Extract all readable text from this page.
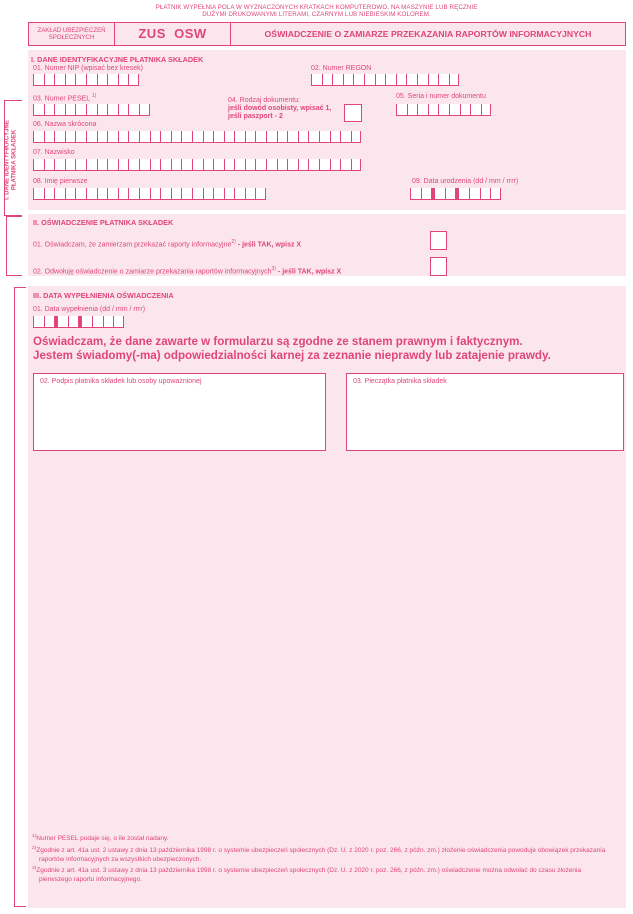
PŁATNIK WYPEŁNIA POLA W WYZNACZONYCH KRATKACH KOMPUTEROWO, NA MASZYNIE LUB RĘCZNIE
DUŻYMI DRUKOWANYMI LITERAMI, CZARNYM LUB NIEBIESKIM KOLOREM.
ZAKŁAD UBEZPIECZEŃ
SPOŁECZNYCH	ZUS  OSW	OŚWIADCZENIE O ZAMIARZE PRZEKAZANIA RAPORTÓW INFORMACYJNYCH
I. DANE IDENTYFIKACYJNE PŁATNIKA SKŁADEK
I. DANE IDENTYFIKACYJNE PŁATNIKA SKŁADEK
01. Numer NIP (wpisać bez kresek)	02. Numer REGON
03. Numer PESEL $^{1)}$
04. Rodzaj dokumentu:
jeśli dowód osobisty, wpisać 1,
jeśli paszport - 2
05. Seria i numer dokumentu
06. Nazwa skrócona
07. Nazwisko
08. Imię pierwsze	09. Data urodzenia (dd / mm / rrrr)
II. OŚWIADCZENIE PŁATNIKA SKŁADEK
01. Oświadczam, że zamierzam przekazać raporty informacyjne$^{2)}$ - jeśli TAK, wpisz X
02. Odwołuję oświadczenie o zamiarze przekazania raportów informacyjnych$^{3)}$ - jeśli TAK, wpisz X
III. DATA WYPEŁNIENIA OŚWIADCZENIA
01. Data wypełnienia (dd / mm / rrrr)
Oświadczam, że dane zawarte w formularzu są zgodne ze stanem prawnym i faktycznym.
Jestem świadomy(-ma) odpowiedzialności karnej za zeznanie nieprawdy lub zatajenie prawdy.
02. Podpis płatnika składek lub osoby upoważnionej	03. Pieczątka płatnika składek

$^{1)}$Numer PESEL podaje się, o ile został nadany.

$^{2)}$Zgodnie z art. 41a ust. 2 ustawy z dnia 13 października 1998 r. o systemie ubezpieczeń społecznych (Dz. U. z 2020 r. poz. 266, z późn. zm.) złożenie oświadczenia powoduje obowiązek przekazania raportów informacyjnych za wszystkich ubezpieczonych.

$^{3)}$Zgodnie z art. 41a ust. 3 ustawy z dnia 13 października 1998 r. o systemie ubezpieczeń społecznych (Dz. U. z 2020 r. poz. 266, z późn. zm.) oświadczenie można odwołać do czasu złożenia pierwszego raportu informacyjnego.
